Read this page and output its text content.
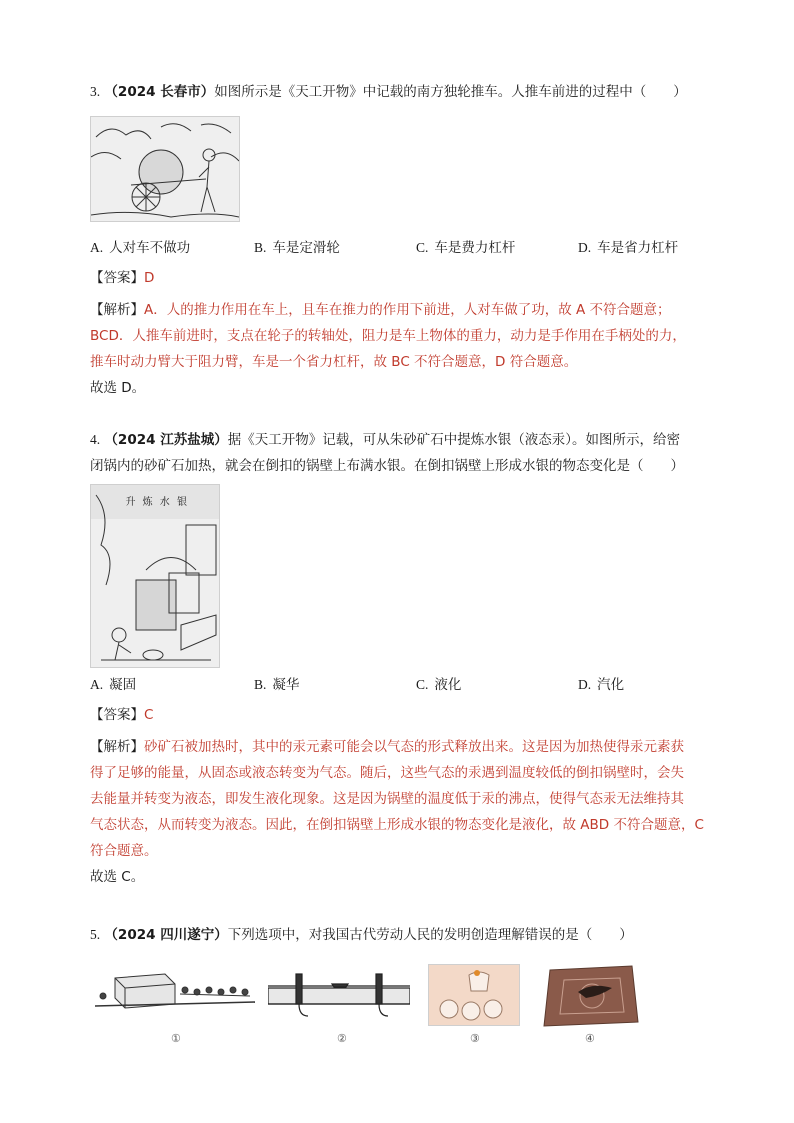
3. （2024 长春市）如图所示是《天工开物》中记载的南方独轮推车。人推车前进的过程中（　　）
A. 人对车不做功	B. 车是定滑轮	C. 车是费力杠杆	D. 车是省力杠杆
【答案】D
【解析】A．人的推力作用在车上，且车在推力的作用下前进，人对车做了功，故 A 不符合题意；
BCD．人推车前进时，支点在轮子的转轴处，阻力是车上物体的重力，动力是手作用在手柄处的力，
推车时动力臂大于阻力臂，车是一个省力杠杆，故 BC 不符合题意，D 符合题意。
故选 D。
4. （2024 江苏盐城）据《天工开物》记载，可从朱砂矿石中提炼水银（液态汞）。如图所示，给密
闭锅内的砂矿石加热，就会在倒扣的锅壁上布满水银。在倒扣锅壁上形成水银的物态变化是（　　）
升 炼 水 银
A. 凝固	B. 凝华	C. 液化	D. 汽化
【答案】C
【解析】砂矿石被加热时，其中的汞元素可能会以气态的形式释放出来。这是因为加热使得汞元素获
得了足够的能量，从固态或液态转变为气态。随后，这些气态的汞遇到温度较低的倒扣锅壁时，会失
去能量并转变为液态，即发生液化现象。这是因为锅壁的温度低于汞的沸点，使得气态汞无法维持其
气态状态，从而转变为液态。因此，在倒扣锅壁上形成水银的物态变化是液化，故 ABD 不符合题意，C
符合题意。
故选 C。
5. （2024 四川遂宁）下列选项中，对我国古代劳动人民的发明创造理解错误的是（　　）
①	②	③	④
